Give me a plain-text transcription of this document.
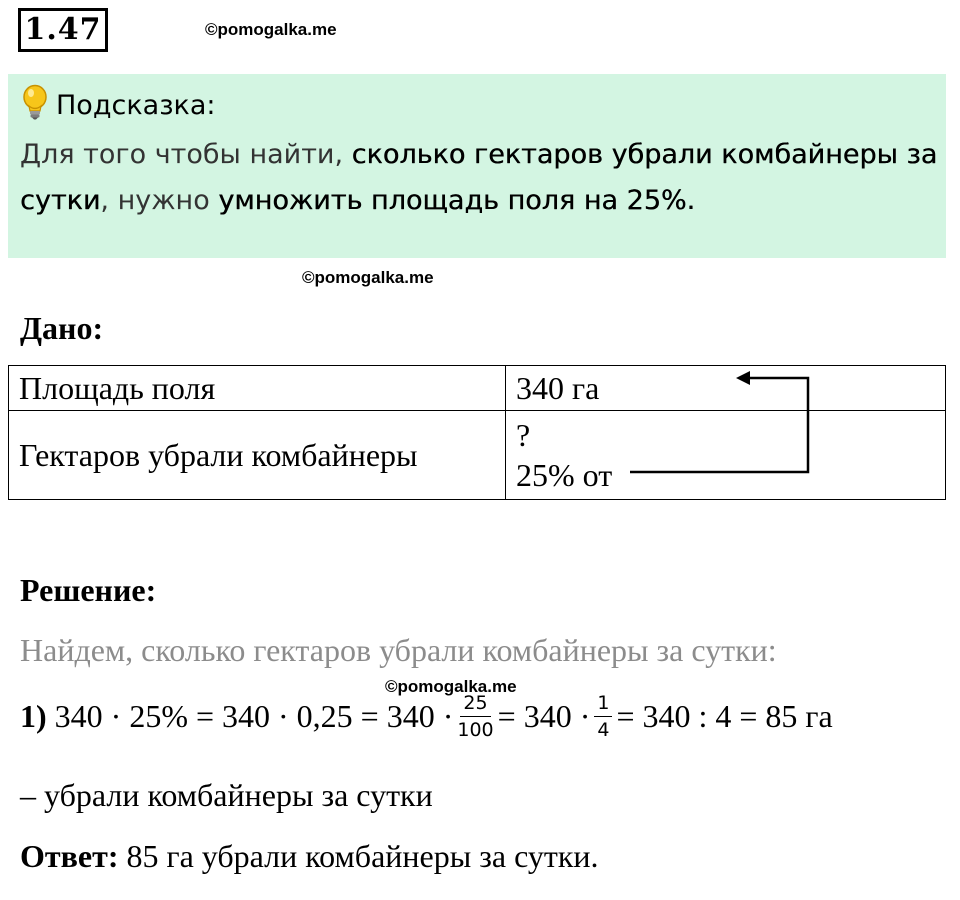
1.47	©pomogalka.me
Подсказка:
Для того чтобы найти, сколько гектаров убрали комбайнеры за сутки, нужно умножить площадь поля на 25%.
©pomogalka.me
Дано:
Площадь поля	340 га
Гектаров убрали комбайнеры	?
25% от
Решение:
Найдем, сколько гектаров убрали комбайнеры за сутки:
©pomogalka.me
1) $340 \cdot 25\% = 340 \cdot 0,25 = 340 \cdot \frac{25}{100} = 340 \cdot \frac{1}{4} = 340$ : 4 = 85 га
– убрали комбайнеры за сутки
Ответ: 85 га убрали комбайнеры за сутки.
